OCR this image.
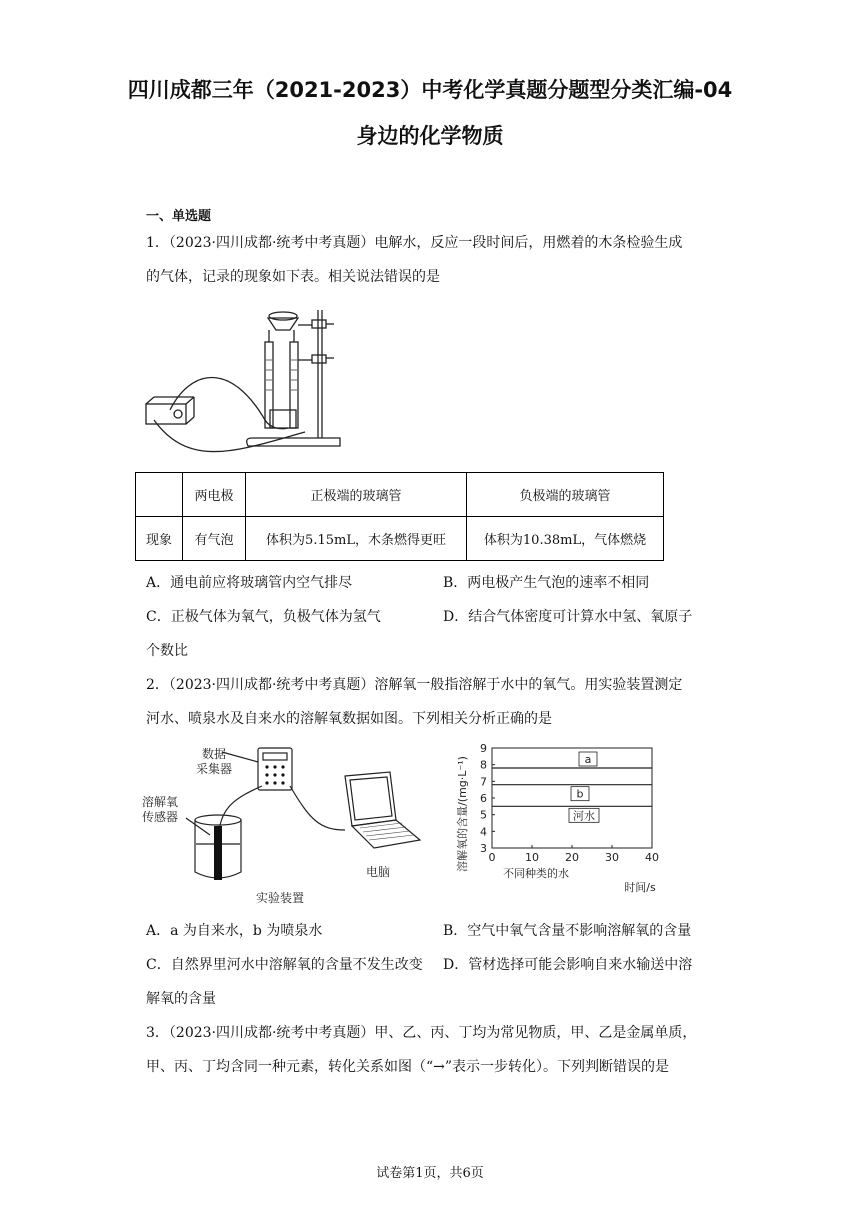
四川成都三年（2021-2023）中考化学真题分题型分类汇编-04
身边的化学物质
一、单选题
1．（2023·四川成都·统考中考真题）电解水，反应一段时间后，用燃着的木条检验生成
的气体，记录的现象如下表。相关说法错误的是
	两电极	正极端的玻璃管	负极端的玻璃管
现象	有气泡	体积为5.15mL，木条燃得更旺	体积为10.38mL，气体燃烧
A．通电前应将玻璃管内空气排尽	B．两电极产生气泡的速率不相同
C．正极气体为氧气，负极气体为氢气	D．结合气体密度可计算水中氢、氧原子
个数比
2．（2023·四川成都·统考中考真题）溶解氧一般指溶解于水中的氧气。用实验装置测定
河水、喷泉水及自来水的溶解氧数据如图。下列相关分析正确的是
数据
采集器
溶解氧
传感器
电脑
实验装置
溶解氧的含量/(mg·L⁻¹)
时间/s
不同种类的水
0	10 20 30 40
3
4
5
6
7
8
9
a
b
河水
A．a 为自来水，b 为喷泉水	B．空气中氧气含量不影响溶解氧的含量
C．自然界里河水中溶解氧的含量不发生改变 D．管材选择可能会影响自来水输送中溶
解氧的含量
3．（2023·四川成都·统考中考真题）甲、乙、丙、丁均为常见物质，甲、乙是金属单质，
甲、丙、丁均含同一种元素，转化关系如图（“→”表示一步转化）。下列判断错误的是
试卷第1页，共6页
